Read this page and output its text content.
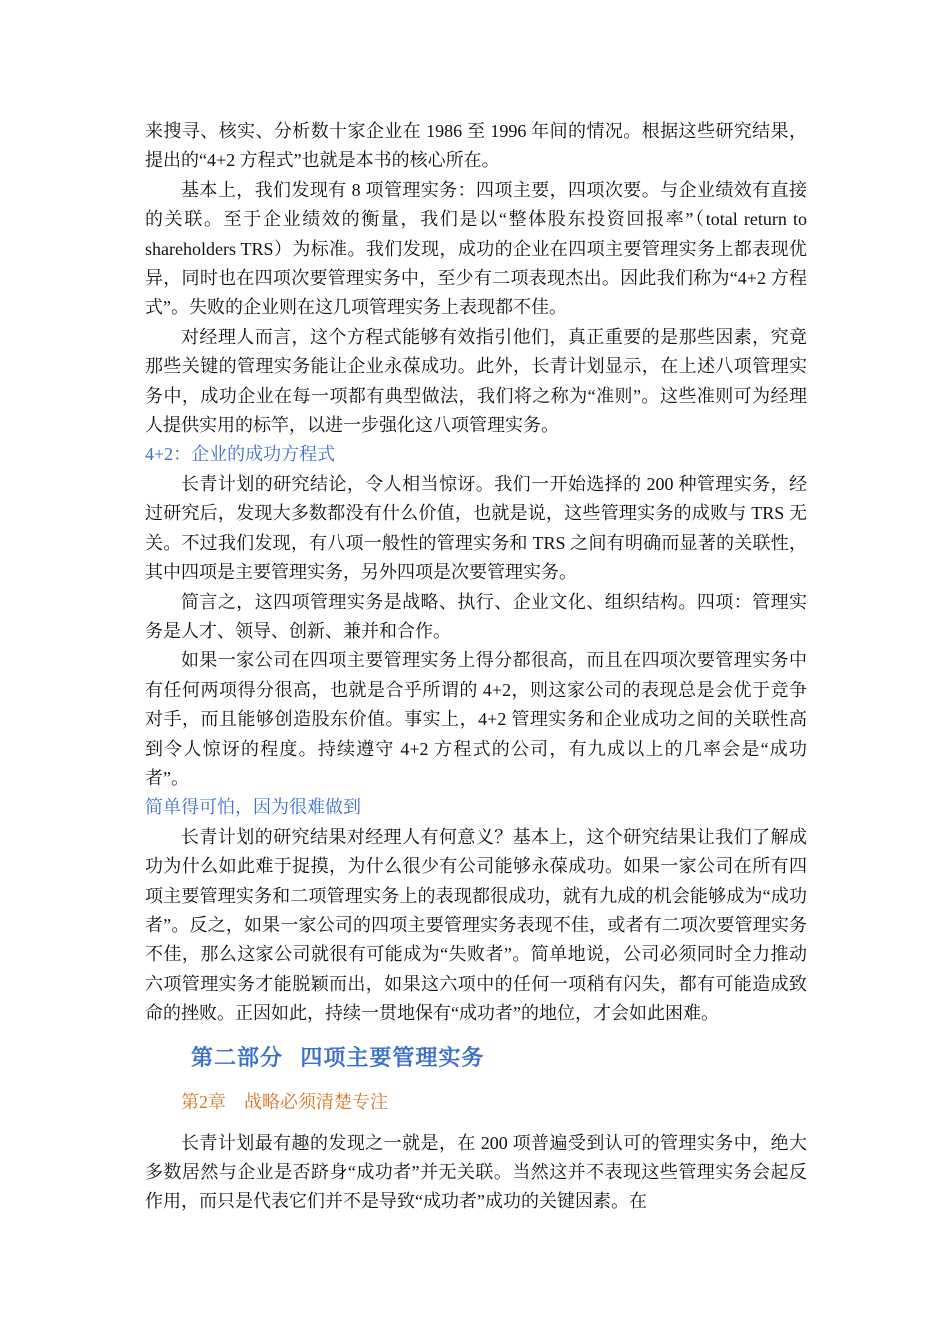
来搜寻、核实、分析数十家企业在 1986 至 1996 年间的情况。根据这些研究结果，提出的“4+2 方程式”也就是本书的核心所在。

基本上，我们发现有 8 项管理实务：四项主要，四项次要。与企业绩效有直接的关联。至于企业绩效的衡量，我们是以“整体股东投资回报率”（total return to shareholders TRS）为标准。我们发现，成功的企业在四项主要管理实务上都表现优异，同时也在四项次要管理实务中，至少有二项表现杰出。因此我们称为“4+2 方程式”。失败的企业则在这几项管理实务上表现都不佳。

对经理人而言，这个方程式能够有效指引他们，真正重要的是那些因素，究竟那些关键的管理实务能让企业永葆成功。此外，长青计划显示，在上述八项管理实务中，成功企业在每一项都有典型做法，我们将之称为“准则”。这些准则可为经理人提供实用的标竿，以进一步强化这八项管理实务。

4+2：企业的成功方程式

长青计划的研究结论，令人相当惊讶。我们一开始选择的 200 种管理实务，经过研究后，发现大多数都没有什么价值，也就是说，这些管理实务的成败与 TRS 无关。不过我们发现，有八项一般性的管理实务和 TRS 之间有明确而显著的关联性，其中四项是主要管理实务，另外四项是次要管理实务。

简言之，这四项管理实务是战略、执行、企业文化、组织结构。四项：管理实务是人才、领导、创新、兼并和合作。

如果一家公司在四项主要管理实务上得分都很高，而且在四项次要管理实务中有任何两项得分很高，也就是合乎所谓的 4+2，则这家公司的表现总是会优于竞争对手，而且能够创造股东价值。事实上，4+2 管理实务和企业成功之间的关联性高到令人惊讶的程度。持续遵守 4+2 方程式的公司，有九成以上的几率会是“成功者”。

简单得可怕，因为很难做到

长青计划的研究结果对经理人有何意义？基本上，这个研究结果让我们了解成功为什么如此难于捉摸，为什么很少有公司能够永葆成功。如果一家公司在所有四项主要管理实务和二项管理实务上的表现都很成功，就有九成的机会能够成为“成功者”。反之，如果一家公司的四项主要管理实务表现不佳，或者有二项次要管理实务不佳，那么这家公司就很有可能成为“失败者”。简单地说，公司必须同时全力推动六项管理实务才能脱颖而出，如果这六项中的任何一项稍有闪失，都有可能造成致命的挫败。正因如此，持续一贯地保有“成功者”的地位，才会如此困难。

第二部分  四项主要管理实务

第2章    战略必须清楚专注

长青计划最有趣的发现之一就是，在 200 项普遍受到认可的管理实务中，绝大多数居然与企业是否跻身“成功者”并无关联。当然这并不表现这些管理实务会起反作用，而只是代表它们并不是导致“成功者”成功的关键因素。在
